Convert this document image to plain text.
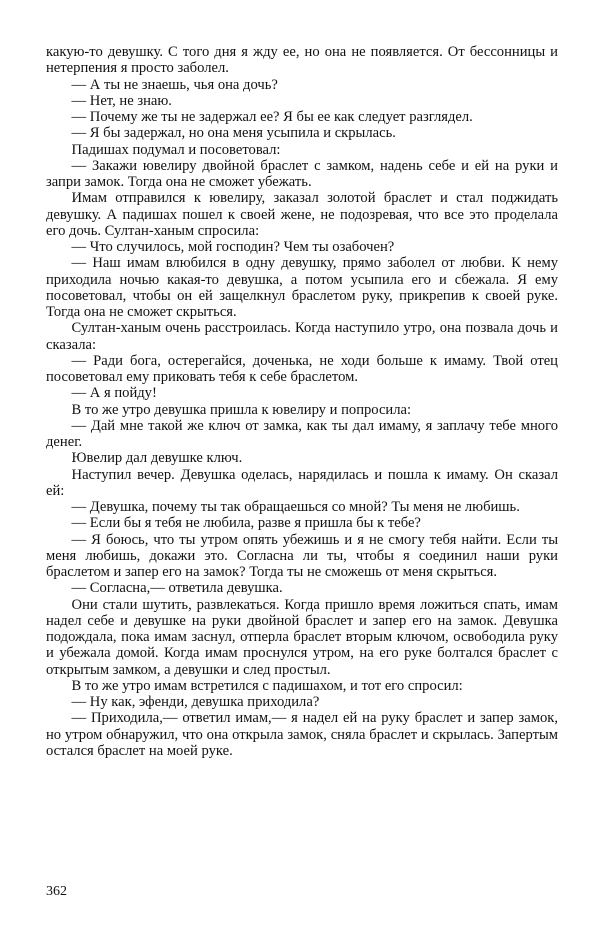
какую-то девушку. С того дня я жду ее, но она не появляется. От бессонницы и нетерпения я просто заболел.

— А ты не знаешь, чья она дочь?

— Нет, не знаю.

— Почему же ты не задержал ее? Я бы ее как следует разглядел.

— Я бы задержал, но она меня усыпила и скрылась.

Падишах подумал и посоветовал:

— Закажи ювелиру двойной браслет с замком, надень себе и ей на руки и запри замок. Тогда она не сможет убежать.

Имам отправился к ювелиру, заказал золотой браслет и стал поджидать девушку. А падишах пошел к своей жене, не подозревая, что все это проделала его дочь. Султан-ханым спросила:

— Что случилось, мой господин? Чем ты озабочен?

— Наш имам влюбился в одну девушку, прямо заболел от любви. К нему приходила ночью какая-то девушка, а потом усыпила его и сбежала. Я ему посоветовал, чтобы он ей защелкнул браслетом руку, прикрепив к своей руке. Тогда она не сможет скрыться.

Султан-ханым очень расстроилась. Когда наступило утро, она позвала дочь и сказала:

— Ради бога, остерегайся, доченька, не ходи больше к имаму. Твой отец посоветовал ему приковать тебя к себе браслетом.

— А я пойду!

В то же утро девушка пришла к ювелиру и попросила:

— Дай мне такой же ключ от замка, как ты дал имаму, я заплачу тебе много денег.

Ювелир дал девушке ключ.

Наступил вечер. Девушка оделась, нарядилась и пошла к имаму. Он сказал ей:

— Девушка, почему ты так обращаешься со мной? Ты меня не любишь.

— Если бы я тебя не любила, разве я пришла бы к тебе?

— Я боюсь, что ты утром опять убежишь и я не смогу тебя найти. Если ты меня любишь, докажи это. Согласна ли ты, чтобы я соединил наши руки браслетом и запер его на замок? Тогда ты не сможешь от меня скрыться.

— Согласна,— ответила девушка.

Они стали шутить, развлекаться. Когда пришло время ложиться спать, имам надел себе и девушке на руки двойной браслет и запер его на замок. Девушка подождала, пока имам заснул, отперла браслет вторым ключом, освободила руку и убежала домой. Когда имам проснулся утром, на его руке болтался браслет с открытым замком, а девушки и след простыл.

В то же утро имам встретился с падишахом, и тот его спросил:

— Ну как, эфенди, девушка приходила?

— Приходила,— ответил имам,— я надел ей на руку браслет и запер замок, но утром обнаружил, что она открыла замок, сняла браслет и скрылась. Запертым остался браслет на моей руке.

362
